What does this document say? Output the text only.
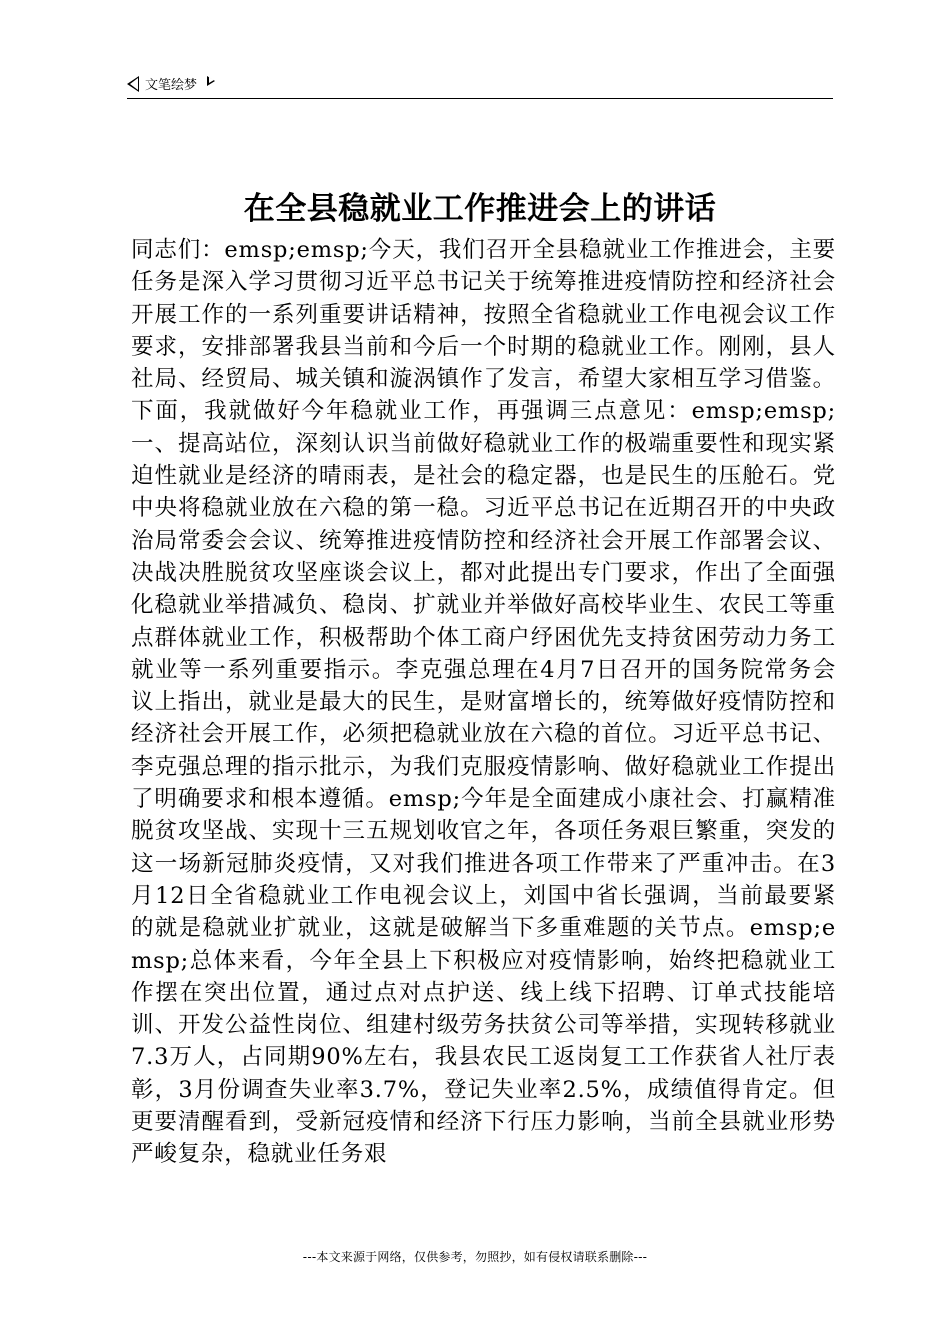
文笔绘梦
在全县稳就业工作推进会上的讲话

同志们：emsp;emsp;今天，我们召开全县稳就业工作推进会，主要任务是深入学习贯彻习近平总书记关于统筹推进疫情防控和经济社会开展工作的一系列重要讲话精神，按照全省稳就业工作电视会议工作要求，安排部署我县当前和今后一个时期的稳就业工作。刚刚，县人社局、经贸局、城关镇和漩涡镇作了发言，希望大家相互学习借鉴。下面，我就做好今年稳就业工作，再强调三点意见：emsp;emsp;一、提高站位，深刻认识当前做好稳就业工作的极端重要性和现实紧迫性就业是经济的晴雨表，是社会的稳定器，也是民生的压舱石。党中央将稳就业放在六稳的第一稳。习近平总书记在近期召开的中央政治局常委会会议、统筹推进疫情防控和经济社会开展工作部署会议、决战决胜脱贫攻坚座谈会议上，都对此提出专门要求，作出了全面强化稳就业举措减负、稳岗、扩就业并举做好高校毕业生、农民工等重点群体就业工作，积极帮助个体工商户纾困优先支持贫困劳动力务工就业等一系列重要指示。李克强总理在4月7日召开的国务院常务会议上指出，就业是最大的民生，是财富增长的，统筹做好疫情防控和经济社会开展工作，必须把稳就业放在六稳的首位。习近平总书记、李克强总理的指示批示，为我们克服疫情影响、做好稳就业工作提出了明确要求和根本遵循。emsp;今年是全面建成小康社会、打赢精准脱贫攻坚战、实现十三五规划收官之年，各项任务艰巨繁重，突发的这一场新冠肺炎疫情，又对我们推进各项工作带来了严重冲击。在3月12日全省稳就业工作电视会议上，刘国中省长强调，当前最要紧的就是稳就业扩就业，这就是破解当下多重难题的关节点。emsp;emsp;总体来看，今年全县上下积极应对疫情影响，始终把稳就业工作摆在突出位置，通过点对点护送、线上线下招聘、订单式技能培训、开发公益性岗位、组建村级劳务扶贫公司等举措，实现转移就业7.3万人，占同期90%左右，我县农民工返岗复工工作获省人社厅表彰，3月份调查失业率3.7%，登记失业率2.5%，成绩值得肯定。但更要清醒看到，受新冠疫情和经济下行压力影响，当前全县就业形势严峻复杂，稳就业任务艰

---本文来源于网络，仅供参考，勿照抄，如有侵权请联系删除---
